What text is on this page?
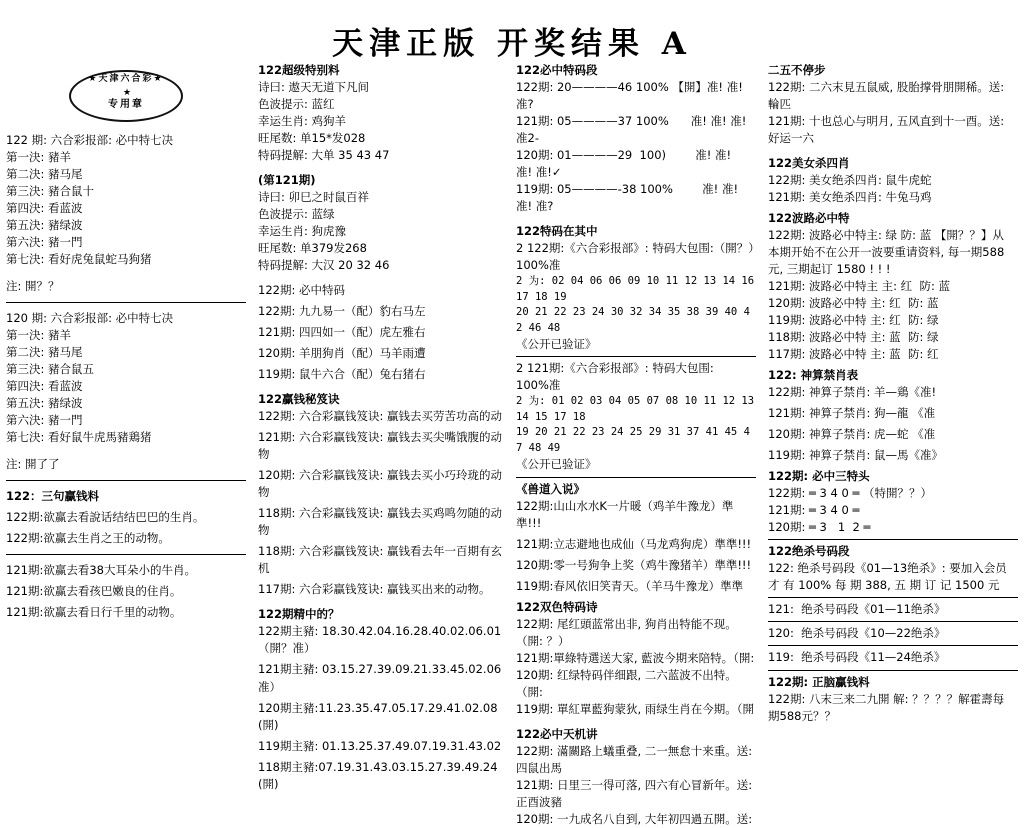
天津正版 开奖结果 A
★天津六合彩★
★
专用章

122 期: 六合彩报部: 必中特七决

第一決: 豬羊

第二決: 豬马尾

第三決: 豬合鼠十

第四決: 看蓝波

第五決: 豬绿波

第六決: 豬一門

第七決: 看好虎兔鼠蛇马狗猪

注: 開？？

120 期: 六合彩报部: 必中特七决

第一決: 豬羊

第二決: 豬马尾

第三決: 豬合鼠五

第四決: 看蓝波

第五決: 豬绿波

第六決: 豬一門

第七決: 看好鼠牛虎馬豬鶏猪

注: 開了了

122：三句贏钱料

122期:欲赢去看說话结结巴巴的生肖。

122期:欲赢去生肖之王的动物。

121期:欲赢去看38大耳朵小的牛肖。

121期:欲赢去看孩巴嫩良的住肖。

121期:欲赢去看日行千里的动物。

122超级特别料

诗曰: 遨天无道下凡间

色波提示: 蓝红

幸运生肖: 鸡狗羊

旺尾数: 单15*发028

特码提解: 大单 35 43 47

(第121期)

诗曰: 卯巳之时鼠百祥

色波提示: 蓝绿

幸运生肖: 狗虎豫

旺尾数: 单379发268

特码提解: 大汉 20 32 46

122期: 必中特码

122期: 九九易一（配）豹右马左

121期: 四四如一（配）虎左雅右

120期: 羊朋狗肖（配）马羊雨遭

119期: 鼠牛六合（配）兔右猪右

122贏钱秘笈诀

122期: 六合彩贏钱笈诀: 贏钱去买劳苦功高的动

121期: 六合彩贏钱笈诀: 贏钱去买尖嘴饿腹的动物

120期: 六合彩贏钱笈诀: 贏钱去买小巧玲珑的动物

118期: 六合彩贏钱笈诀: 贏钱去买鸡鸣勿随的动物

118期: 六合彩贏钱笈诀: 贏钱看去年一百期有玄机

117期: 六合彩贏钱笈诀: 贏钱买出来的动物。

122期精中的？

122期主豬: 18.30.42.04.16.28.40.02.06.01 （開？准）

121期主豬: 03.15.27.39.09.21.33.45.02.06 准）

120期主豬:11.23.35.47.05.17.29.41.02.08(開)

119期主豬: 01.13.25.37.49.07.19.31.43.02

118期主豬:07.19.31.43.03.15.27.39.49.24 (開)

122必中特码段

122期: 20————46 100% 【開】准! 准!

准?

121期: 05————37 100%      准! 准! 准!

准2-

120期: 01————29  100)        准! 准!

准! 准!✓

119期: 05————-38 100%        准! 准!

准! 准?

122特码在其中

2 122期:《六合彩报部》: 特码大包围:（開？）

100%准

2 为: 02 04 06 06 09 10 11 12 13 14 16 17 18 19

20 21 22 23 24 30 32 34 35 38 39 40 42 46 48

《公开已验证》

2 121期:《六合彩报部》: 特码大包围:

100%准

2 为: 01 02 03 04 05 07 08 10 11 12 13 14 15 17 18

19 20 21 22 23 24 25 29 31 37 41 45 47 48 49

《公开已验证》

《兽道入说》

122期:山山水水K一片暖（鸡羊牛豫龙）準準!!!

121期:立志避地也成仙（马龙鸡狗虎）準準!!!

120期:零一号狗争上奖（鸡牛豫猪羊）準準!!!

119期:春风依旧笑青天。（羊马牛豫龙）準準

122双色特码诗

122期: 尾红頭蓝常出非, 狗肖出特能不现。

（開: ？）

121期:單綠特選送大家, 藍波今期来陪特。（開:

120期: 红绿特码伴细跟, 二六蓝波不出特。（開:

119期: 單紅單藍狗蒙狄, 雨绿生肖在今期。（開

122必中天机讲

122期: 滿關路上蟻重叠, 二一無怠十来重。送:

四鼠出馬

121期: 日里三一得可落, 四六有心冒新年。送:

正酉波豬

120期: 一九成名八自到, 大年初四過五開。送:

二五不停步

122期: 二六末見五鼠威, 股胎撑骨朋開稀。送:

輪匹

121期: 十也总心与明月, 五风直到十一酉。送:

好运一六

122美女杀四肖

122期: 美女绝杀四肖: 鼠牛虎蛇

121期: 美女绝杀四肖: 牛兔马鸡

122波路必中特

122期: 波路必中特主: 绿 防: 蓝 【開？？】从

本期开始不在公开一波要重请资料, 每一期588

元, 三期起订 1580 ! ! !

121期: 波路必中特主 主: 红  防: 蓝

120期: 波路必中特 主: 红  防: 蓝

119期: 波路必中特 主: 红  防: 绿

118期: 波路必中特 主: 蓝  防: 绿

117期: 波路必中特 主: 蓝  防: 红

122: 神算禁肖表

122期: 神算子禁肖: 羊—鶏《准!

121期: 神算子禁肖: 狗—龍 《准

120期: 神算子禁肖: 虎—蛇 《准

119期: 神算子禁肖: 鼠—馬《准》

122期: 必中三特头

122期: ═ 3 4 0 ═ （特開？？）

121期: ═ 3 4 0 ═

120期: ═ 3   1  2 ═

122绝杀号码段

122: 绝杀号码段《01—13绝杀》: 要加入会员

才 有 100% 每 期 388, 五 期 订 记 1500 元

121:  绝杀号码段《01—11绝杀》

120:  绝杀号码段《10—22绝杀》

119:  绝杀号码段《11—24绝杀》

122期: 正脑贏钱料

122期: 八末三来二九開 解: ？？？？解霍壽每

期588元？？
